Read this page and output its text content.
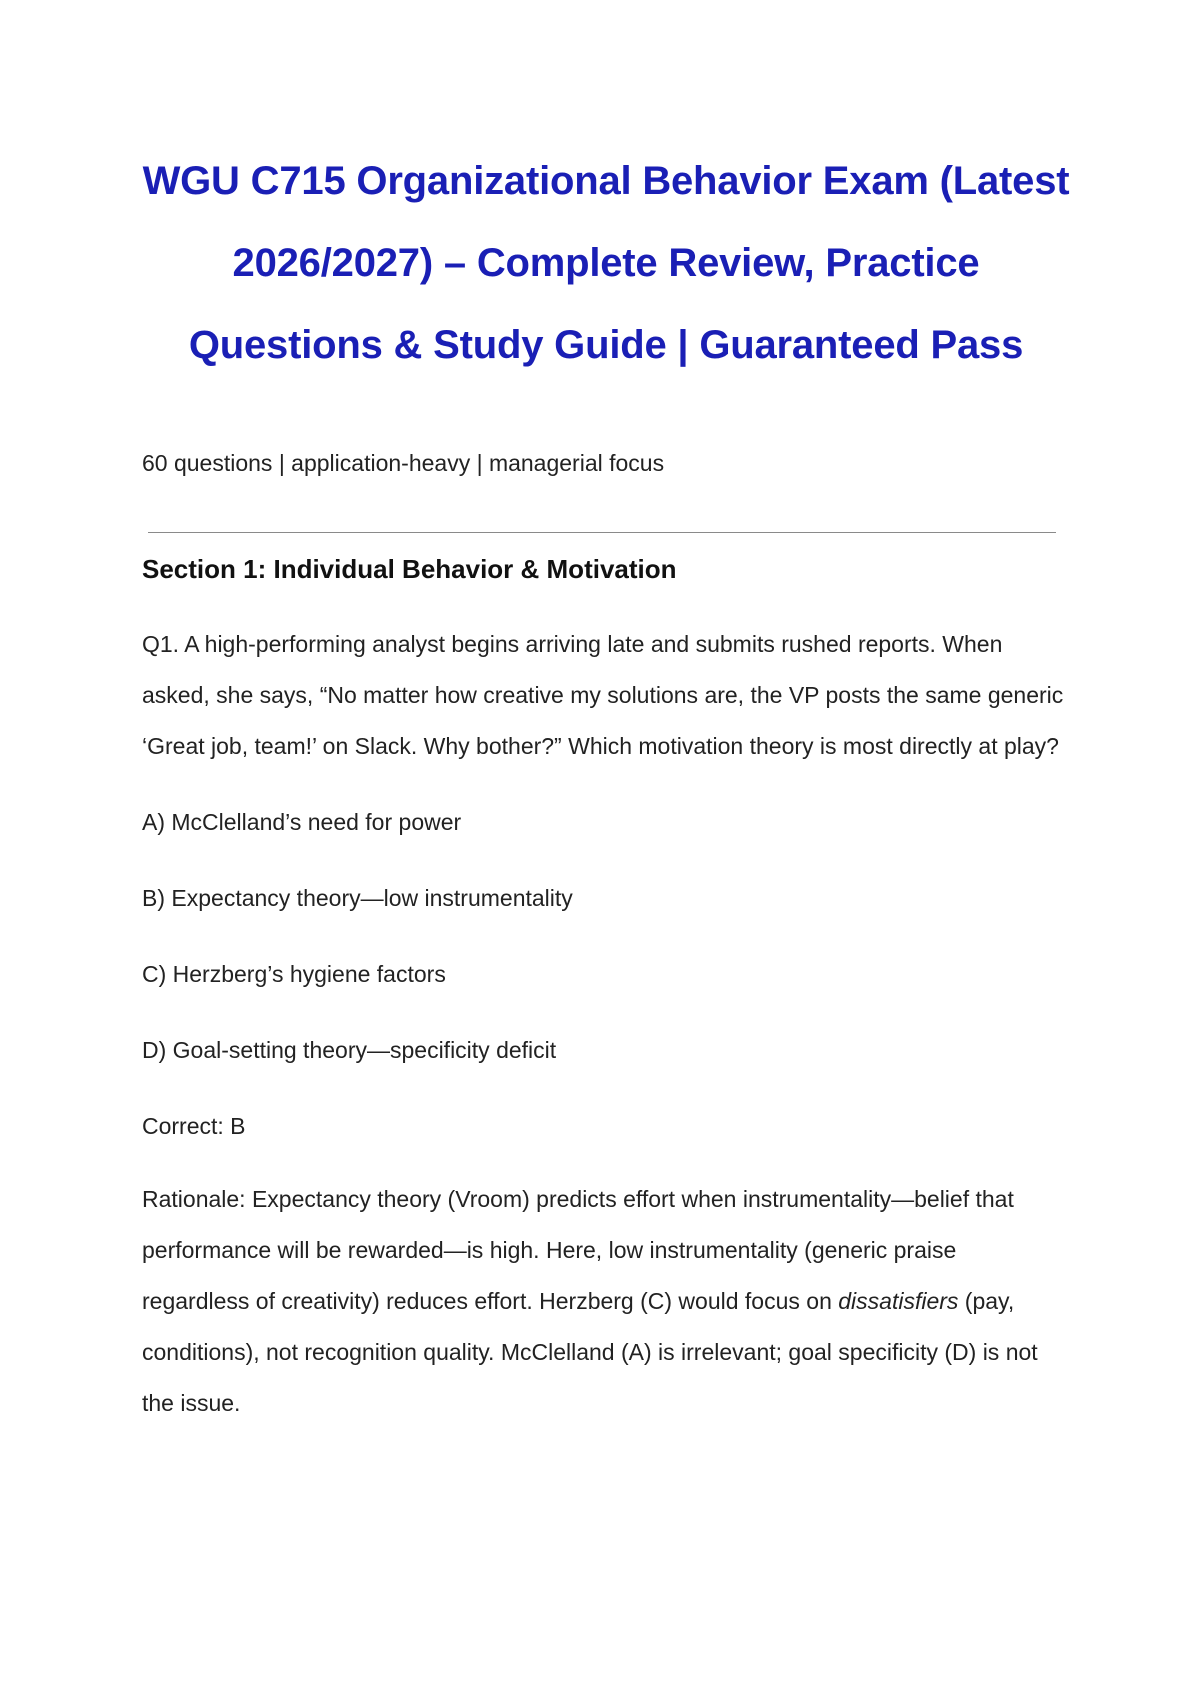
WGU C715 Organizational Behavior Exam (Latest 2026/2027) – Complete Review, Practice Questions & Study Guide | Guaranteed Pass
60 questions | application-heavy | managerial focus
Section 1: Individual Behavior & Motivation
Q1. A high-performing analyst begins arriving late and submits rushed reports. When asked, she says, “No matter how creative my solutions are, the VP posts the same generic ‘Great job, team!’ on Slack. Why bother?” Which motivation theory is most directly at play?
A) McClelland’s need for power
B) Expectancy theory—low instrumentality
C) Herzberg’s hygiene factors
D) Goal-setting theory—specificity deficit
Correct: B
Rationale: Expectancy theory (Vroom) predicts effort when instrumentality—belief that performance will be rewarded—is high. Here, low instrumentality (generic praise regardless of creativity) reduces effort. Herzberg (C) would focus on dissatisfiers (pay, conditions), not recognition quality. McClelland (A) is irrelevant; goal specificity (D) is not the issue.
